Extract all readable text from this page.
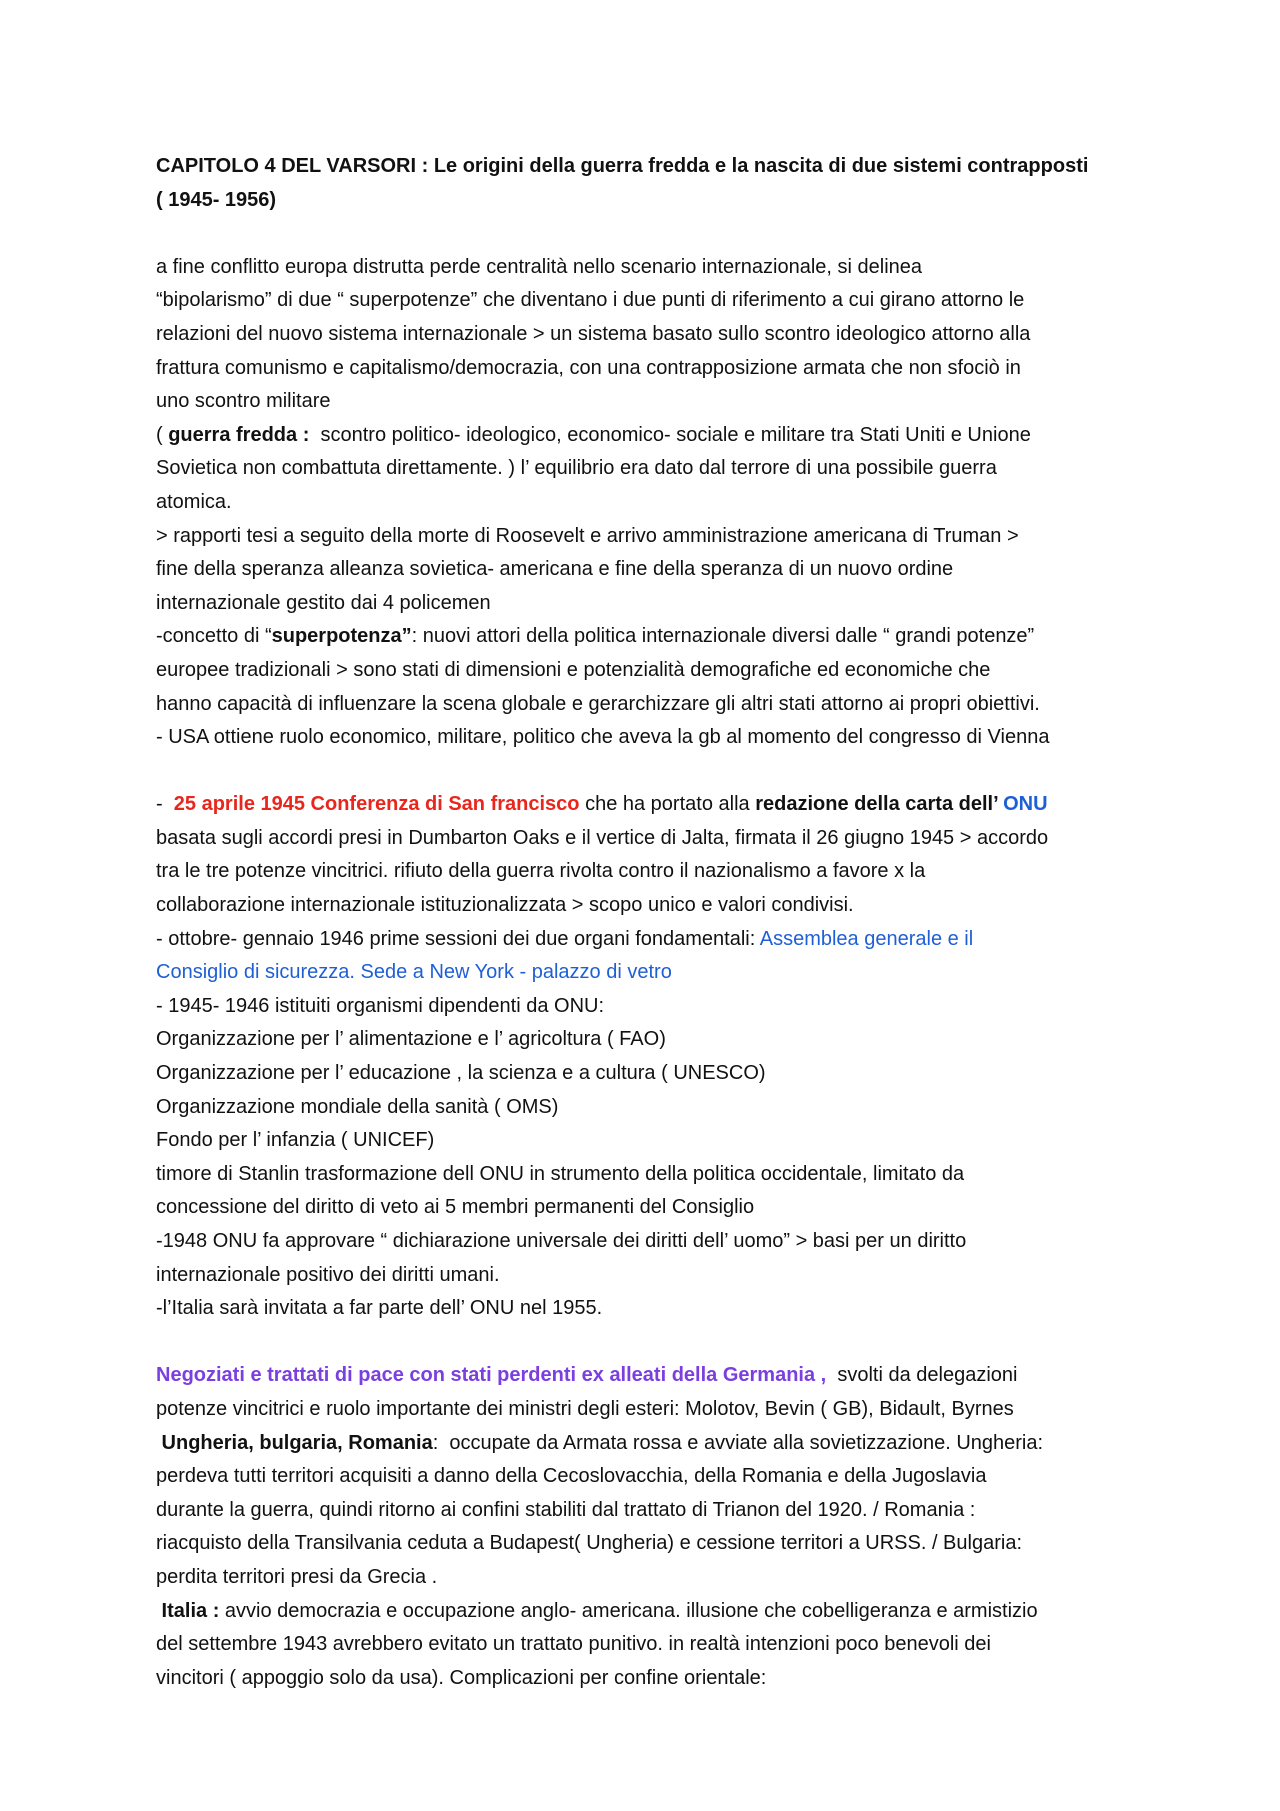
CAPITOLO 4 DEL VARSORI : Le origini della guerra fredda e la nascita di due sistemi contrapposti
( 1945- 1956)
a fine conflitto europa distrutta perde centralità nello scenario internazionale, si delinea
“bipolarismo” di due “ superpotenze” che diventano i due punti di riferimento a cui girano attorno le
relazioni del nuovo sistema internazionale > un sistema basato sullo scontro ideologico attorno alla
frattura comunismo e capitalismo/democrazia, con una contrapposizione armata che non sfociò in
uno scontro militare
( guerra fredda :  scontro politico- ideologico, economico- sociale e militare tra Stati Uniti e Unione
Sovietica non combattuta direttamente. ) l’ equilibrio era dato dal terrore di una possibile guerra
atomica.
> rapporti tesi a seguito della morte di Roosevelt e arrivo amministrazione americana di Truman >
fine della speranza alleanza sovietica- americana e fine della speranza di un nuovo ordine
internazionale gestito dai 4 policemen
-concetto di “superpotenza”: nuovi attori della politica internazionale diversi dalle “ grandi potenze”
europee tradizionali > sono stati di dimensioni e potenzialità demografiche ed economiche che
hanno capacità di influenzare la scena globale e gerarchizzare gli altri stati attorno ai propri obiettivi.
- USA ottiene ruolo economico, militare, politico che aveva la gb al momento del congresso di Vienna
-  25 aprile 1945 Conferenza di San francisco che ha portato alla redazione della carta dell’ ONU
basata sugli accordi presi in Dumbarton Oaks e il vertice di Jalta, firmata il 26 giugno 1945 > accordo
tra le tre potenze vincitrici. rifiuto della guerra rivolta contro il nazionalismo a favore x la
collaborazione internazionale istituzionalizzata > scopo unico e valori condivisi.
- ottobre- gennaio 1946 prime sessioni dei due organi fondamentali: Assemblea generale e il
Consiglio di sicurezza. Sede a New York - palazzo di vetro
- 1945- 1946 istituiti organismi dipendenti da ONU:
Organizzazione per l’ alimentazione e l’ agricoltura ( FAO)
Organizzazione per l’ educazione , la scienza e a cultura ( UNESCO)
Organizzazione mondiale della sanità ( OMS)
Fondo per l’ infanzia ( UNICEF)
timore di Stanlin trasformazione dell ONU in strumento della politica occidentale, limitato da
concessione del diritto di veto ai 5 membri permanenti del Consiglio
-1948 ONU fa approvare “ dichiarazione universale dei diritti dell’ uomo” > basi per un diritto
internazionale positivo dei diritti umani.
-l’Italia sarà invitata a far parte dell’ ONU nel 1955.
Negoziati e trattati di pace con stati perdenti ex alleati della Germania ,  svolti da delegazioni
potenze vincitrici e ruolo importante dei ministri degli esteri: Molotov, Bevin ( GB), Bidault, Byrnes
Ungheria, bulgaria, Romania:  occupate da Armata rossa e avviate alla sovietizzazione. Ungheria:
perdeva tutti territori acquisiti a danno della Cecoslovacchia, della Romania e della Jugoslavia
durante la guerra, quindi ritorno ai confini stabiliti dal trattato di Trianon del 1920. / Romania :
riacquisto della Transilvania ceduta a Budapest( Ungheria) e cessione territori a URSS. / Bulgaria:
perdita territori presi da Grecia .
Italia : avvio democrazia e occupazione anglo- americana. illusione che cobelligeranza e armistizio
del settembre 1943 avrebbero evitato un trattato punitivo. in realtà intenzioni poco benevoli dei
vincitori ( appoggio solo da usa). Complicazioni per confine orientale:
